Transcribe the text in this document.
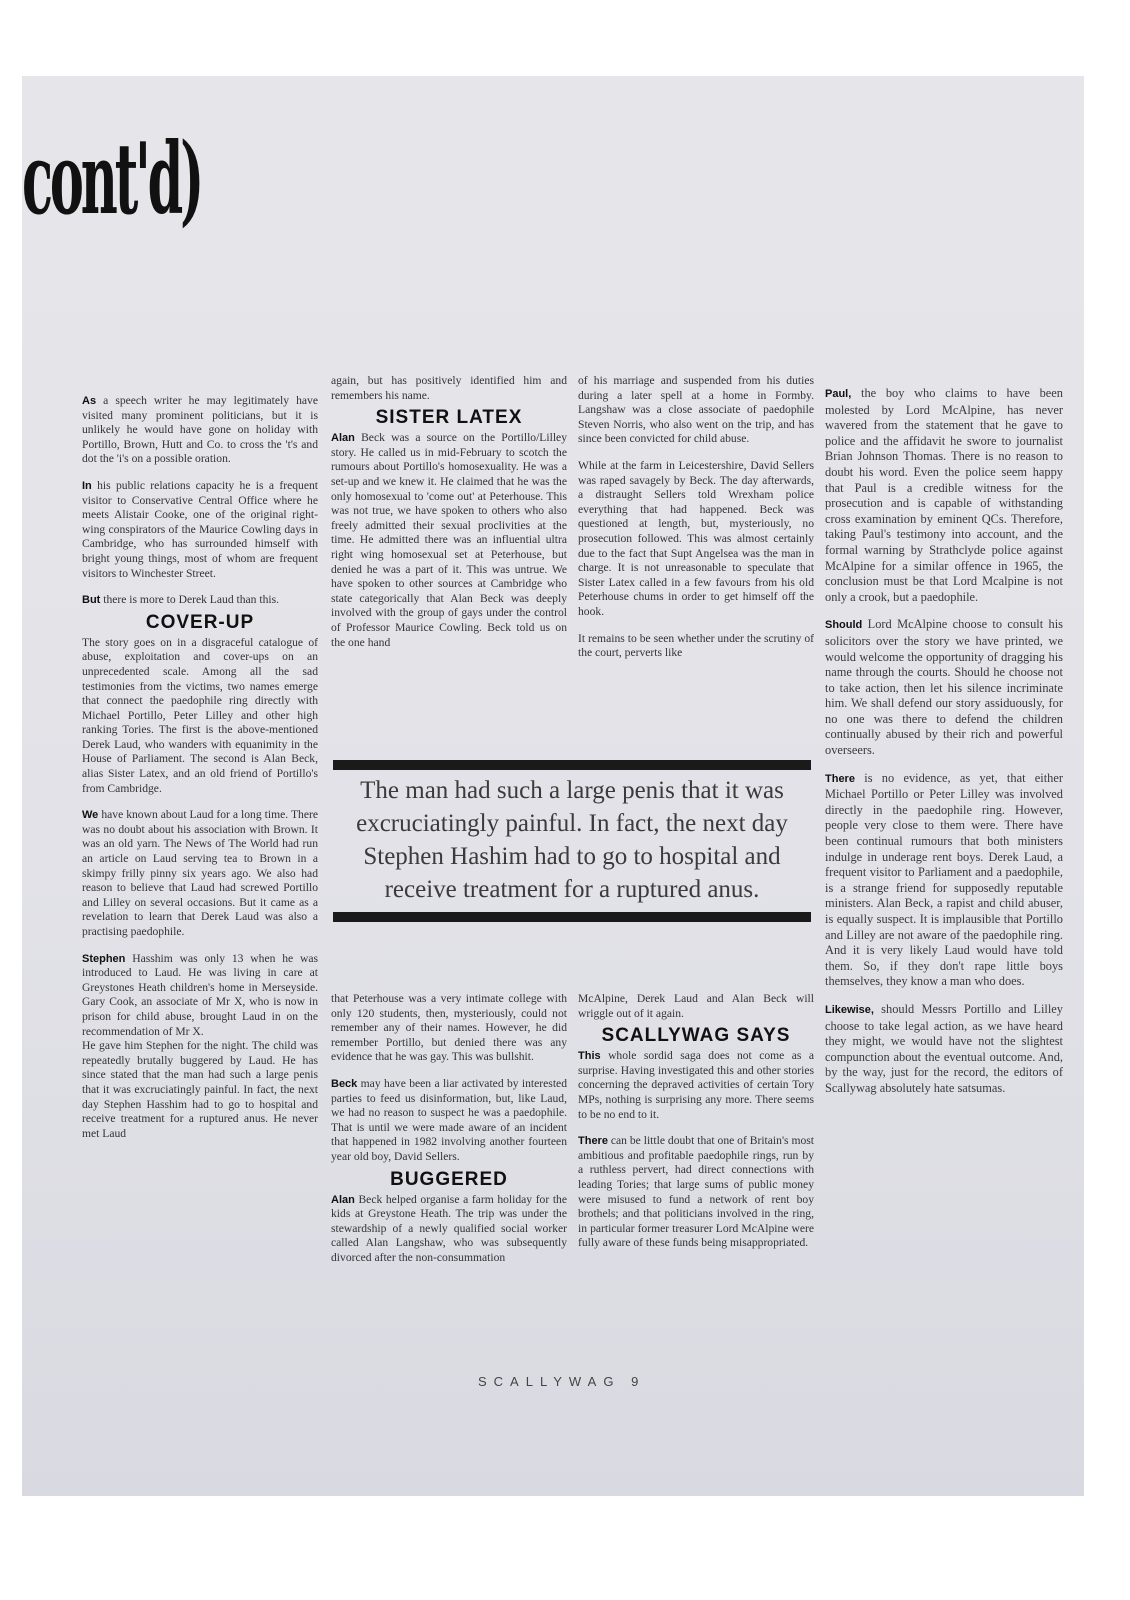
cont'd)

As a speech writer he may legitimately have visited many prominent politicians, but it is unlikely he would have gone on holiday with Portillo, Brown, Hutt and Co. to cross the 't's and dot the 'i's on a possible oration.

In his public relations capacity he is a frequent visitor to Conservative Central Office where he meets Alistair Cooke, one of the original right-wing conspirators of the Maurice Cowling days in Cambridge, who has surrounded himself with bright young things, most of whom are frequent visitors to Winchester Street.

But there is more to Derek Laud than this.

COVER-UP

The story goes on in a disgraceful catalogue of abuse, exploitation and cover-ups on an unprecedented scale. Among all the sad testimonies from the victims, two names emerge that connect the paedophile ring directly with Michael Portillo, Peter Lilley and other high ranking Tories. The first is the above-mentioned Derek Laud, who wanders with equanimity in the House of Parliament. The second is Alan Beck, alias Sister Latex, and an old friend of Portillo's from Cambridge.

We have known about Laud for a long time. There was no doubt about his association with Brown. It was an old yarn. The News of The World had run an article on Laud serving tea to Brown in a skimpy frilly pinny six years ago. We also had reason to believe that Laud had screwed Portillo and Lilley on several occasions. But it came as a revelation to learn that Derek Laud was also a practising paedophile.

Stephen Hasshim was only 13 when he was introduced to Laud. He was living in care at Greystones Heath children's home in Merseyside. Gary Cook, an associate of Mr X, who is now in prison for child abuse, brought Laud in on the recommendation of Mr X.

He gave him Stephen for the night. The child was repeatedly brutally buggered by Laud. He has since stated that the man had such a large penis that it was excruciatingly painful. In fact, the next day Stephen Hasshim had to go to hospital and receive treatment for a ruptured anus. He never met Laud

again, but has positively identified him and remembers his name.

SISTER LATEX

Alan Beck was a source on the Portillo/Lilley story. He called us in mid-February to scotch the rumours about Portillo's homosexuality. He was a set-up and we knew it. He claimed that he was the only homosexual to 'come out' at Peterhouse. This was not true, we have spoken to others who also freely admitted their sexual proclivities at the time. He admitted there was an influential ultra right wing homosexual set at Peterhouse, but denied he was a part of it. This was untrue. We have spoken to other sources at Cambridge who state categorically that Alan Beck was deeply involved with the group of gays under the control of Professor Maurice Cowling. Beck told us on the one hand

of his marriage and suspended from his duties during a later spell at a home in Formby. Langshaw was a close associate of paedophile Steven Norris, who also went on the trip, and has since been convicted for child abuse.

While at the farm in Leicestershire, David Sellers was raped savagely by Beck. The day afterwards, a distraught Sellers told Wrexham police everything that had happened. Beck was questioned at length, but, mysteriously, no prosecution followed. This was almost certainly due to the fact that Supt Angelsea was the man in charge. It is not unreasonable to speculate that Sister Latex called in a few favours from his old Peterhouse chums in order to get himself off the hook.

It remains to be seen whether under the scrutiny of the court, perverts like

The man had such a large penis that it was excruciatingly painful. In fact, the next day Stephen Hashim had to go to hospital and receive treatment for a ruptured anus.

that Peterhouse was a very intimate college with only 120 students, then, mysteriously, could not remember any of their names. However, he did remember Portillo, but denied there was any evidence that he was gay. This was bullshit.

Beck may have been a liar activated by interested parties to feed us disinformation, but, like Laud, we had no reason to suspect he was a paedophile. That is until we were made aware of an incident that happened in 1982 involving another fourteen year old boy, David Sellers.

BUGGERED

Alan Beck helped organise a farm holiday for the kids at Greystone Heath. The trip was under the stewardship of a newly qualified social worker called Alan Langshaw, who was subsequently divorced after the non-consummation

McAlpine, Derek Laud and Alan Beck will wriggle out of it again.

SCALLYWAG SAYS

This whole sordid saga does not come as a surprise. Having investigated this and other stories concerning the depraved activities of certain Tory MPs, nothing is surprising any more. There seems to be no end to it.

There can be little doubt that one of Britain's most ambitious and profitable paedophile rings, run by a ruthless pervert, had direct connections with leading Tories; that large sums of public money were misused to fund a network of rent boy brothels; and that politicians involved in the ring, in particular former treasurer Lord McAlpine were fully aware of these funds being misappropriated.

Paul, the boy who claims to have been molested by Lord McAlpine, has never wavered from the statement that he gave to police and the affidavit he swore to journalist Brian Johnson Thomas. There is no reason to doubt his word. Even the police seem happy that Paul is a credible witness for the prosecution and is capable of withstanding cross examination by eminent QCs. Therefore, taking Paul's testimony into account, and the formal warning by Strathclyde police against McAlpine for a similar offence in 1965, the conclusion must be that Lord Mcalpine is not only a crook, but a paedophile.

Should Lord McAlpine choose to consult his solicitors over the story we have printed, we would welcome the opportunity of dragging his name through the courts. Should he choose not to take action, then let his silence incriminate him. We shall defend our story assiduously, for no one was there to defend the children continually abused by their rich and powerful overseers.

There is no evidence, as yet, that either Michael Portillo or Peter Lilley was involved directly in the paedophile ring. However, people very close to them were. There have been continual rumours that both ministers indulge in underage rent boys. Derek Laud, a frequent visitor to Parliament and a paedophile, is a strange friend for supposedly reputable ministers. Alan Beck, a rapist and child abuser, is equally suspect. It is implausible that Portillo and Lilley are not aware of the paedophile ring. And it is very likely Laud would have told them. So, if they don't rape little boys themselves, they know a man who does.

Likewise, should Messrs Portillo and Lilley choose to take legal action, as we have heard they might, we would have not the slightest compunction about the eventual outcome. And, by the way, just for the record, the editors of Scallywag absolutely hate satsumas.

SCALLYWAG 9
